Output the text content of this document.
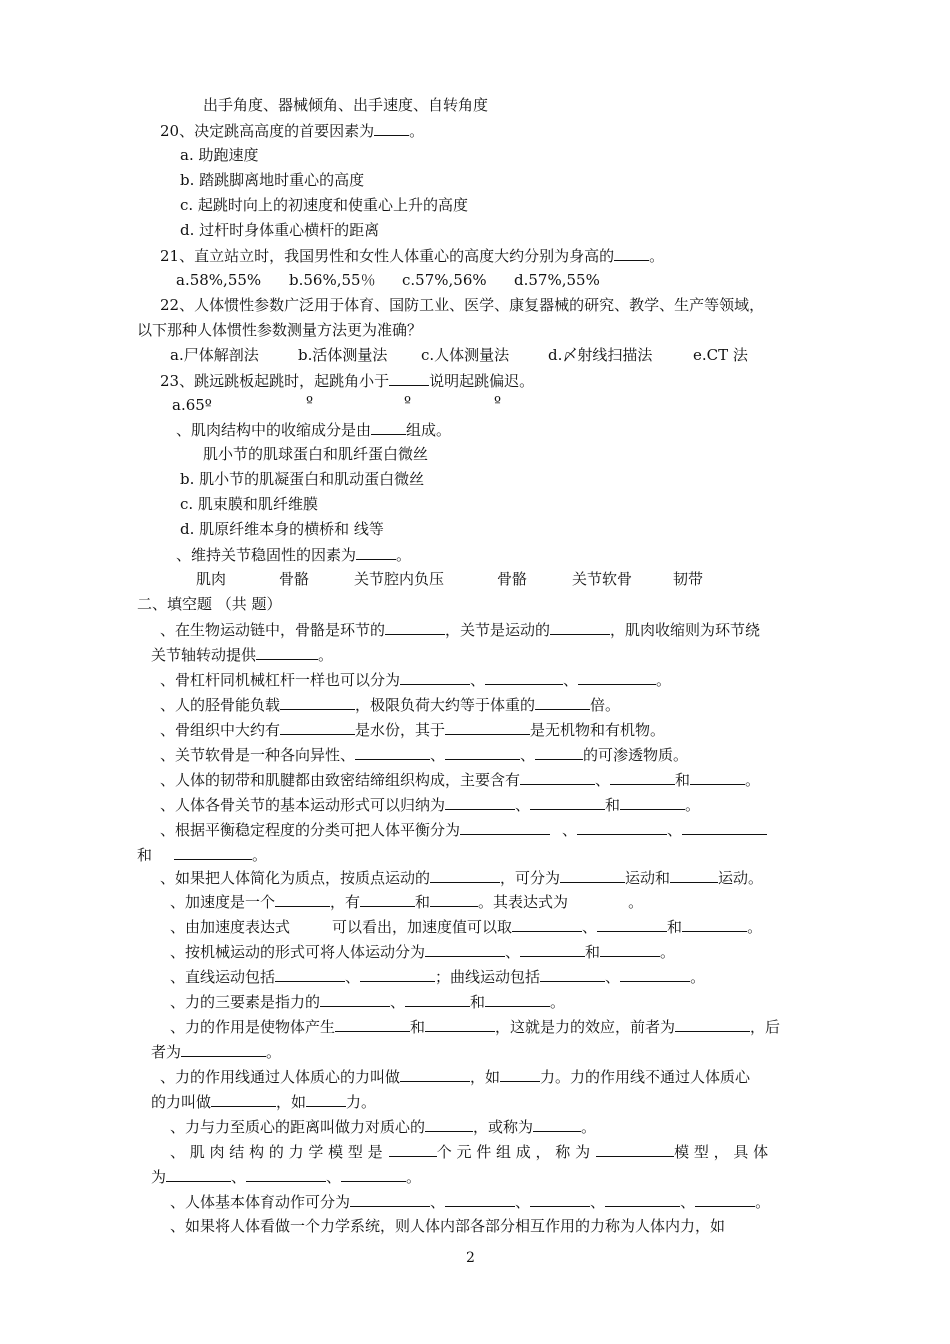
出手角度、器械倾角、出手速度、自转角度
20、决定跳高高度的首要因素为 。
a. 助跑速度
b. 踏跳脚离地时重心的高度
c. 起跳时向上的初速度和使重心上升的高度
d. 过杆时身体重心横杆的距离
21、直立站立时，我国男性和女性人体重心的高度大约分别为身高的 。
a.58%,55% b.56%,55％ c.57%,56% d.57%,55%
22、人体惯性参数广泛用于体育、国防工业、医学、康复器械的研究、教学、生产等领域，
以下那种人体惯性参数测量方法更为准确？
a.尸体解剖法	b.活体测量法 c.人体测量法	d.〆射线扫描法	e.CT 法
23、跳远跳板起跳时，起跳角小于	说明起跳偏迟。
a.65º	º	º	º
、肌肉结构中的收缩成分是由 组成。
肌小节的肌球蛋白和肌纤蛋白微丝
b. 肌小节的肌凝蛋白和肌动蛋白微丝
c. 肌束膜和肌纤维膜
d. 肌原纤维本身的横桥和 线等
、维持关节稳固性的因素为	。
肌肉	骨骼	关节腔内负压	骨骼	关节软骨	韧带
二、填空题 （共 题）
、在生物运动链中，骨骼是环节的	，关节是运动的	，肌肉收缩则为环节绕
关节轴转动提供	。
、骨杠杆同机械杠杆一样也可以分为	、	、	。
、人的胫骨能负载	，极限负荷大约等于体重的	倍。
、骨组织中大约有	是水份，其于	是无机物和有机物。
、关节软骨是一种各向异性、	、	、	的可渗透物质。
、人体的韧带和肌腱都由致密结缔组织构成，主要含有	、	和	。
、人体各骨关节的基本运动形式可以归纳为	、	和	。
、根据平衡稳定程度的分类可把人体平衡分为	、	、
和	。
、如果把人体简化为质点，按质点运动的	，可分为	运动和	运动。
、加速度是一个	，有	和	。其表达式为	。
、由加速度表达式	可以看出，加速度值可以取	、	和	。
、按机械运动的形式可将人体运动分为	、	和	。
、直线运动包括	、	；曲线运动包括	、	。
、力的三要素是指力的	、	和	。
、力的作用是使物体产生	和	，这就是力的效应，前者为	，后
者为	。
、力的作用线通过人体质心的力叫做	，如	力。力的作用线不通过人体质心
的力叫做	，如	力。
、力与力至质心的距离叫做力对质心的	，或称为	。
、 肌 肉 结 构 的 力 学 模 型 是	个 元 件 组 成 ， 称 为	模 型 ， 具 体
为	、	、	。
、人体基本体育动作可分为	、	、	、	、	。
、如果将人体看做一个力学系统，则人体内部各部分相互作用的力称为人体内力，如
2
